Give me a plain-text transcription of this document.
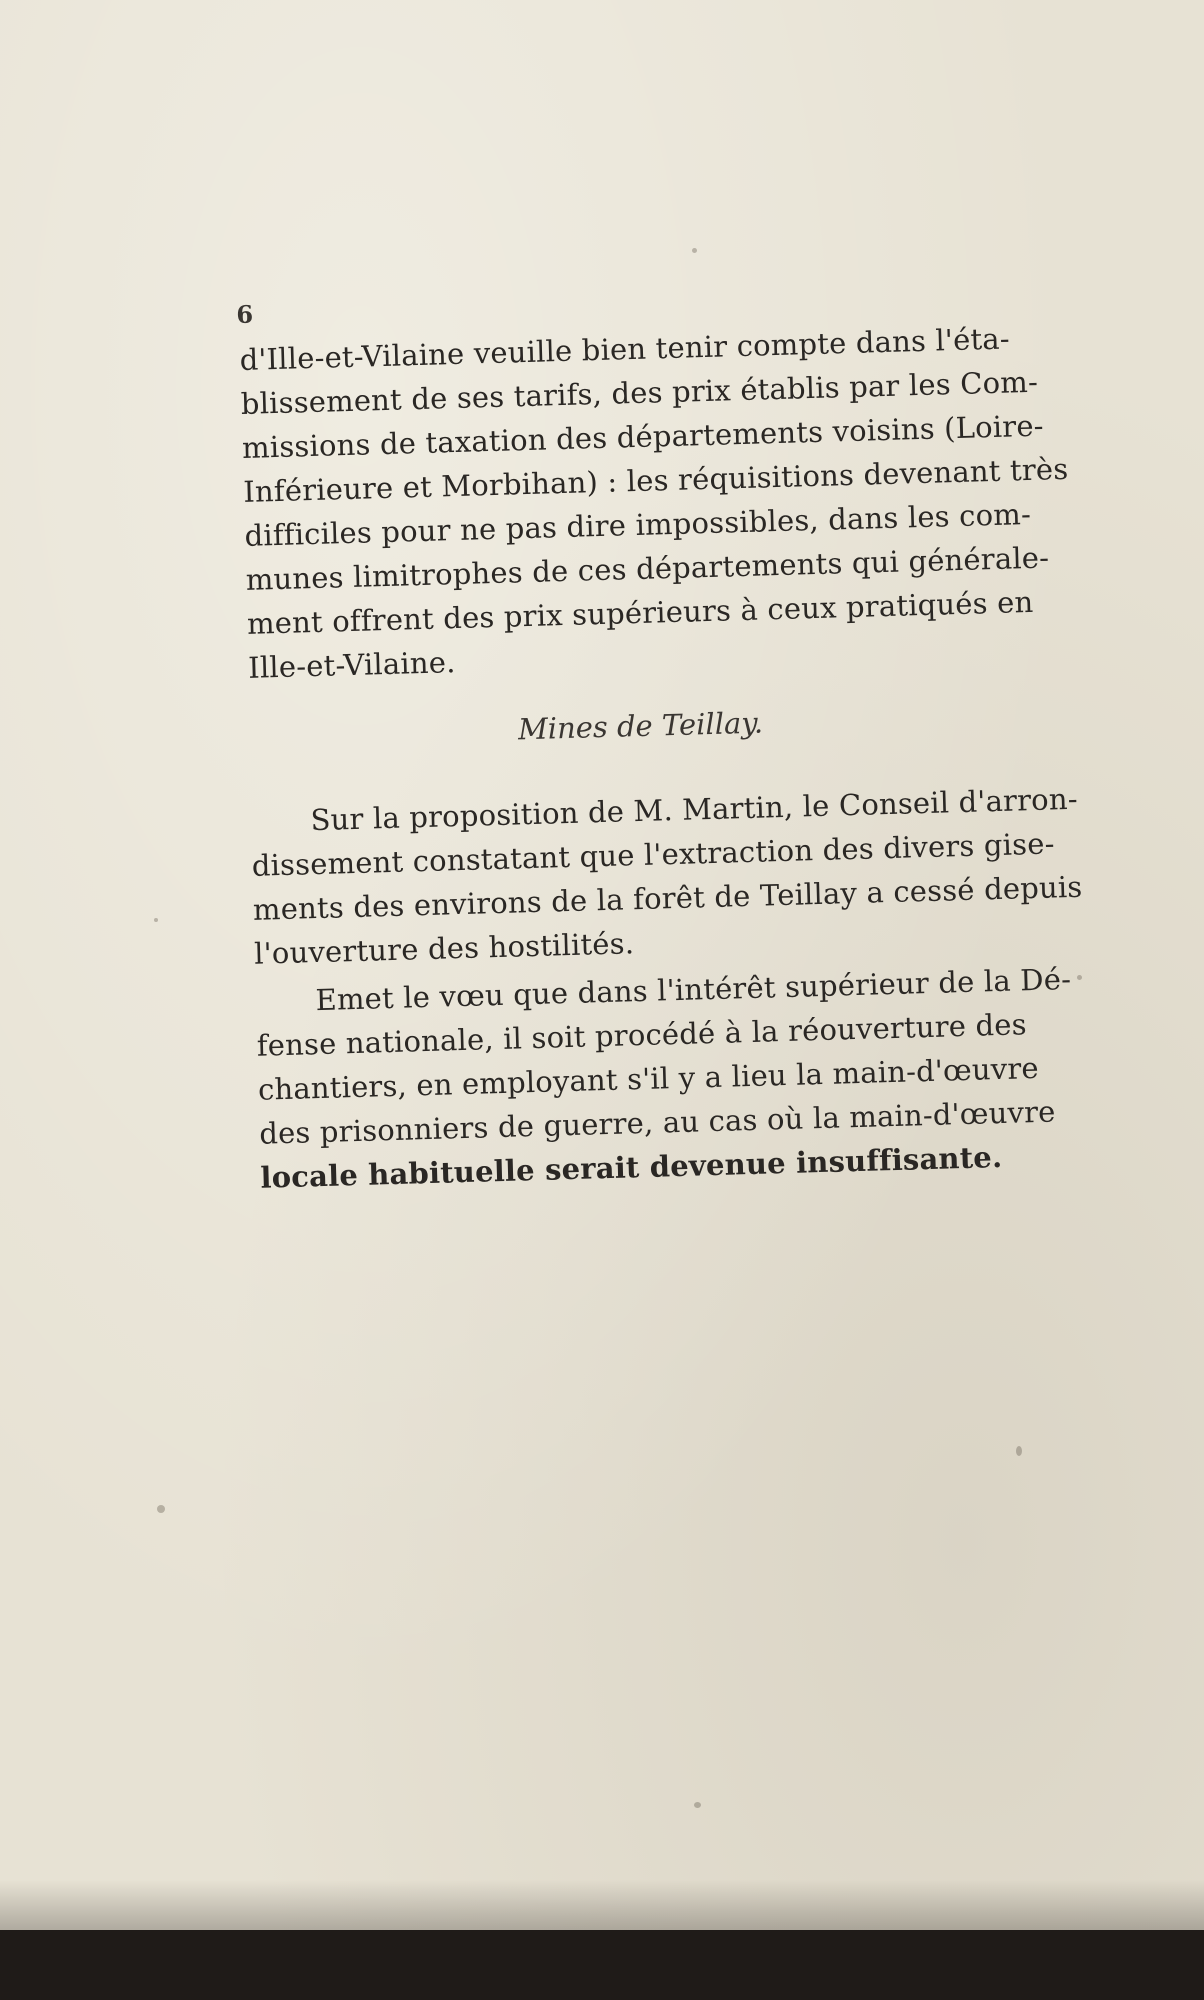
6
d'Ille-et-Vilaine veuille bien tenir compte dans l'éta-
blissement de ses tarifs, des prix établis par les Com-
missions de taxation des départements voisins (Loire-
Inférieure et Morbihan) : les réquisitions devenant très
difficiles pour ne pas dire impossibles, dans les com-
munes limitrophes de ces départements qui générale-
ment offrent des prix supérieurs à ceux pratiqués en
Ille-et-Vilaine.
Mines de Teillay.
Sur la proposition de M. Martin, le Conseil d'arron-
dissement constatant que l'extraction des divers gise-
ments des environs de la forêt de Teillay a cessé depuis
l'ouverture des hostilités.
Emet le vœu que dans l'intérêt supérieur de la Dé-
fense nationale, il soit procédé à la réouverture des
chantiers, en employant s'il y a lieu la main-d'œuvre
des prisonniers de guerre, au cas où la main-d'œuvre
locale habituelle serait devenue insuffisante.
